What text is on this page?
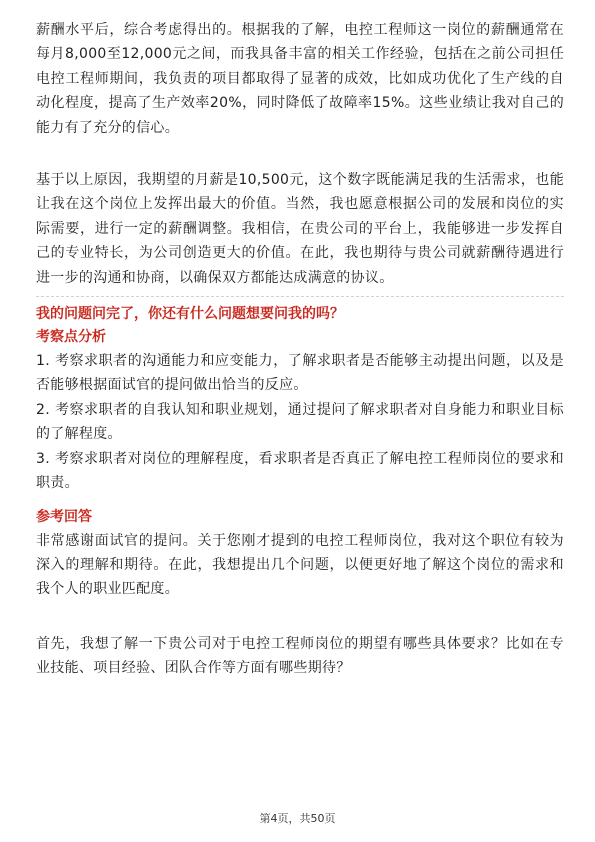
薪酬水平后，综合考虑得出的。根据我的了解，电控工程师这一岗位的薪酬通常在每月8,000至12,000元之间，而我具备丰富的相关工作经验，包括在之前公司担任电控工程师期间，我负责的项目都取得了显著的成效，比如成功优化了生产线的自动化程度，提高了生产效率20%，同时降低了故障率15%。这些业绩让我对自己的能力有了充分的信心。

基于以上原因，我期望的月薪是10,500元，这个数字既能满足我的生活需求，也能让我在这个岗位上发挥出最大的价值。当然，我也愿意根据公司的发展和岗位的实际需要，进行一定的薪酬调整。我相信，在贵公司的平台上，我能够进一步发挥自己的专业特长，为公司创造更大的价值。在此，我也期待与贵公司就薪酬待遇进行进一步的沟通和协商，以确保双方都能达成满意的协议。

我的问题问完了，你还有什么问题想要问我的吗？
考察点分析

1. 考察求职者的沟通能力和应变能力，了解求职者是否能够主动提出问题，以及是否能够根据面试官的提问做出恰当的反应。

2. 考察求职者的自我认知和职业规划，通过提问了解求职者对自身能力和职业目标的了解程度。

3. 考察求职者对岗位的理解程度，看求职者是否真正了解电控工程师岗位的要求和职责。

参考回答

非常感谢面试官的提问。关于您刚才提到的电控工程师岗位，我对这个职位有较为深入的理解和期待。在此，我想提出几个问题，以便更好地了解这个岗位的需求和我个人的职业匹配度。

首先，我想了解一下贵公司对于电控工程师岗位的期望有哪些具体要求？比如在专业技能、项目经验、团队合作等方面有哪些期待？

第4页，共50页
